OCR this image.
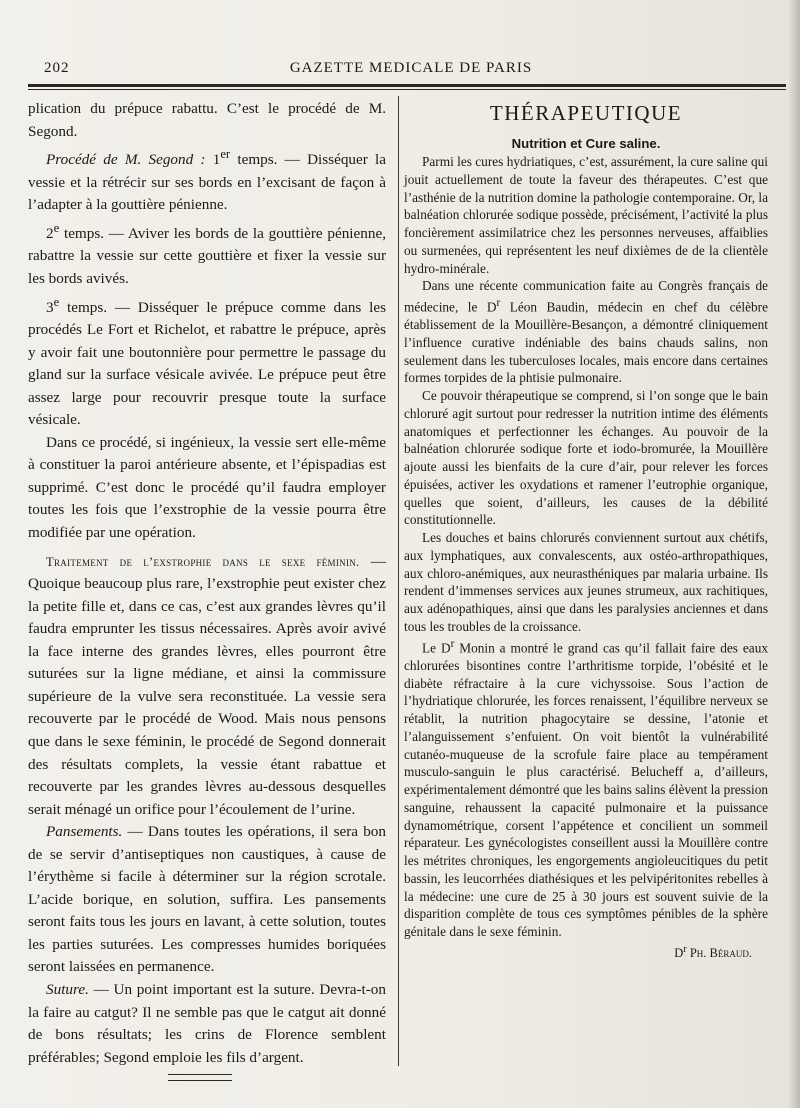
202	GAZETTE MEDICALE DE PARIS

plication du prépuce rabattu. C’est le procédé de M. Segond.

Procédé de M. Segond : 1er temps. — Disséquer la vessie et la rétrécir sur ses bords en l’excisant de façon à l’adapter à la gouttière pénienne.

2e temps. — Aviver les bords de la gouttière pénienne, rabattre la vessie sur cette gouttière et fixer la vessie sur les bords avivés.

3e temps. — Disséquer le prépuce comme dans les procédés Le Fort et Richelot, et rabattre le prépuce, après y avoir fait une boutonnière pour permettre le passage du gland sur la surface vésicale avivée. Le prépuce peut être assez large pour recouvrir presque toute la surface vésicale.

Dans ce procédé, si ingénieux, la vessie sert elle-même à constituer la paroi antérieure absente, et l’épispadias est supprimé. C’est donc le procédé qu’il faudra employer toutes les fois que l’exstrophie de la vessie pourra être modifiée par une opération.

Traitement de l’exstrophie dans le sexe féminin. — Quoique beaucoup plus rare, l’exstrophie peut exister chez la petite fille et, dans ce cas, c’est aux grandes lèvres qu’il faudra emprunter les tissus nécessaires. Après avoir avivé la face interne des grandes lèvres, elles pourront être suturées sur la ligne médiane, et ainsi la commissure supérieure de la vulve sera reconstituée. La vessie sera recouverte par le procédé de Wood. Mais nous pensons que dans le sexe féminin, le procédé de Segond donnerait des résultats complets, la vessie étant rabattue et recouverte par les grandes lèvres au-dessous desquelles serait ménagé un orifice pour l’écoulement de l’urine.

Pansements. — Dans toutes les opérations, il sera bon de se servir d’antiseptiques non caustiques, à cause de l’érythème si facile à déterminer sur la région scrotale. L’acide borique, en solution, suffira. Les pansements seront faits tous les jours en lavant, à cette solution, toutes les parties suturées. Les compresses humides boriquées seront laissées en permanence.

Suture. — Un point important est la suture. Devra-t-on la faire au catgut? Il ne semble pas que le catgut ait donné de bons résultats; les crins de Florence semblent préférables; Segond emploie les fils d’argent.

THÉRAPEUTIQUE

Nutrition et Cure saline.

Parmi les cures hydriatiques, c’est, assurément, la cure saline qui jouit actuellement de toute la faveur des thérapeutes. C’est que l’asthénie de la nutrition domine la pathologie contemporaine. Or, la balnéation chlorurée sodique possède, précisément, l’activité la plus foncièrement assimilatrice chez les personnes nerveuses, affaiblies ou surmenées, qui représentent les neuf dixièmes de de la clientèle hydro-minérale.

Dans une récente communication faite au Congrès français de médecine, le $D^r$ Léon Baudin, médecin en chef du célèbre établissement de la Mouillère-Besançon, a démontré cliniquement l’influence curative indéniable des bains chauds salins, non seulement dans les tuberculoses locales, mais encore dans certaines formes torpides de la phtisie pulmonaire.

Ce pouvoir thérapeutique se comprend, si l’on songe que le bain chloruré agit surtout pour redresser la nutrition intime des éléments anatomiques et perfectionner les échanges. Au pouvoir de la balnéation chlorurée sodique forte et iodo-bromurée, la Mouillère ajoute aussi les bienfaits de la cure d’air, pour relever les forces épuisées, activer les oxydations et ramener l’eutrophie organique, quelles que soient, d’ailleurs, les causes de la débilité constitutionnelle.

Les douches et bains chlorurés conviennent surtout aux chétifs, aux lymphatiques, aux convalescents, aux ostéo-arthropathiques, aux chloro-anémiques, aux neurasthéniques par malaria urbaine. Ils rendent d’immenses services aux jeunes strumeux, aux rachitiques, aux adénopathiques, ainsi que dans les paralysies anciennes et dans tous les troubles de la croissance.

Le $D^r$ Monin a montré le grand cas qu’il fallait faire des eaux chlorurées bisontines contre l’arthritisme torpide, l’obésité et le diabète réfractaire à la cure vichyssoise. Sous l’action de l’hydriatique chlorurée, les forces renaissent, l’équilibre nerveux se rétablit, la nutrition phagocytaire se dessine, l’atonie et l’alanguissement s’enfuient. On voit bientôt la vulnérabilité cutanéo-muqueuse de la scrofule faire place au tempérament musculo-sanguin le plus caractérisé. Belucheff a, d’ailleurs, expérimentalement démontré que les bains salins élèvent la pression sanguine, rehaussent la capacité pulmonaire et la puissance dynamométrique, corsent l’appétence et concilient un sommeil réparateur. Les gynécologistes conseillent aussi la Mouillère contre les métrites chroniques, les engorgements angioleucitiques du petit bassin, les leucorrhées diathésiques et les pelvipéritonites rebelles à la médecine: une cure de 25 à 30 jours est souvent suivie de la disparition complète de tous ces symptômes pénibles de la sphère génitale dans le sexe féminin.

$D^r$ Ph. Béraud.
